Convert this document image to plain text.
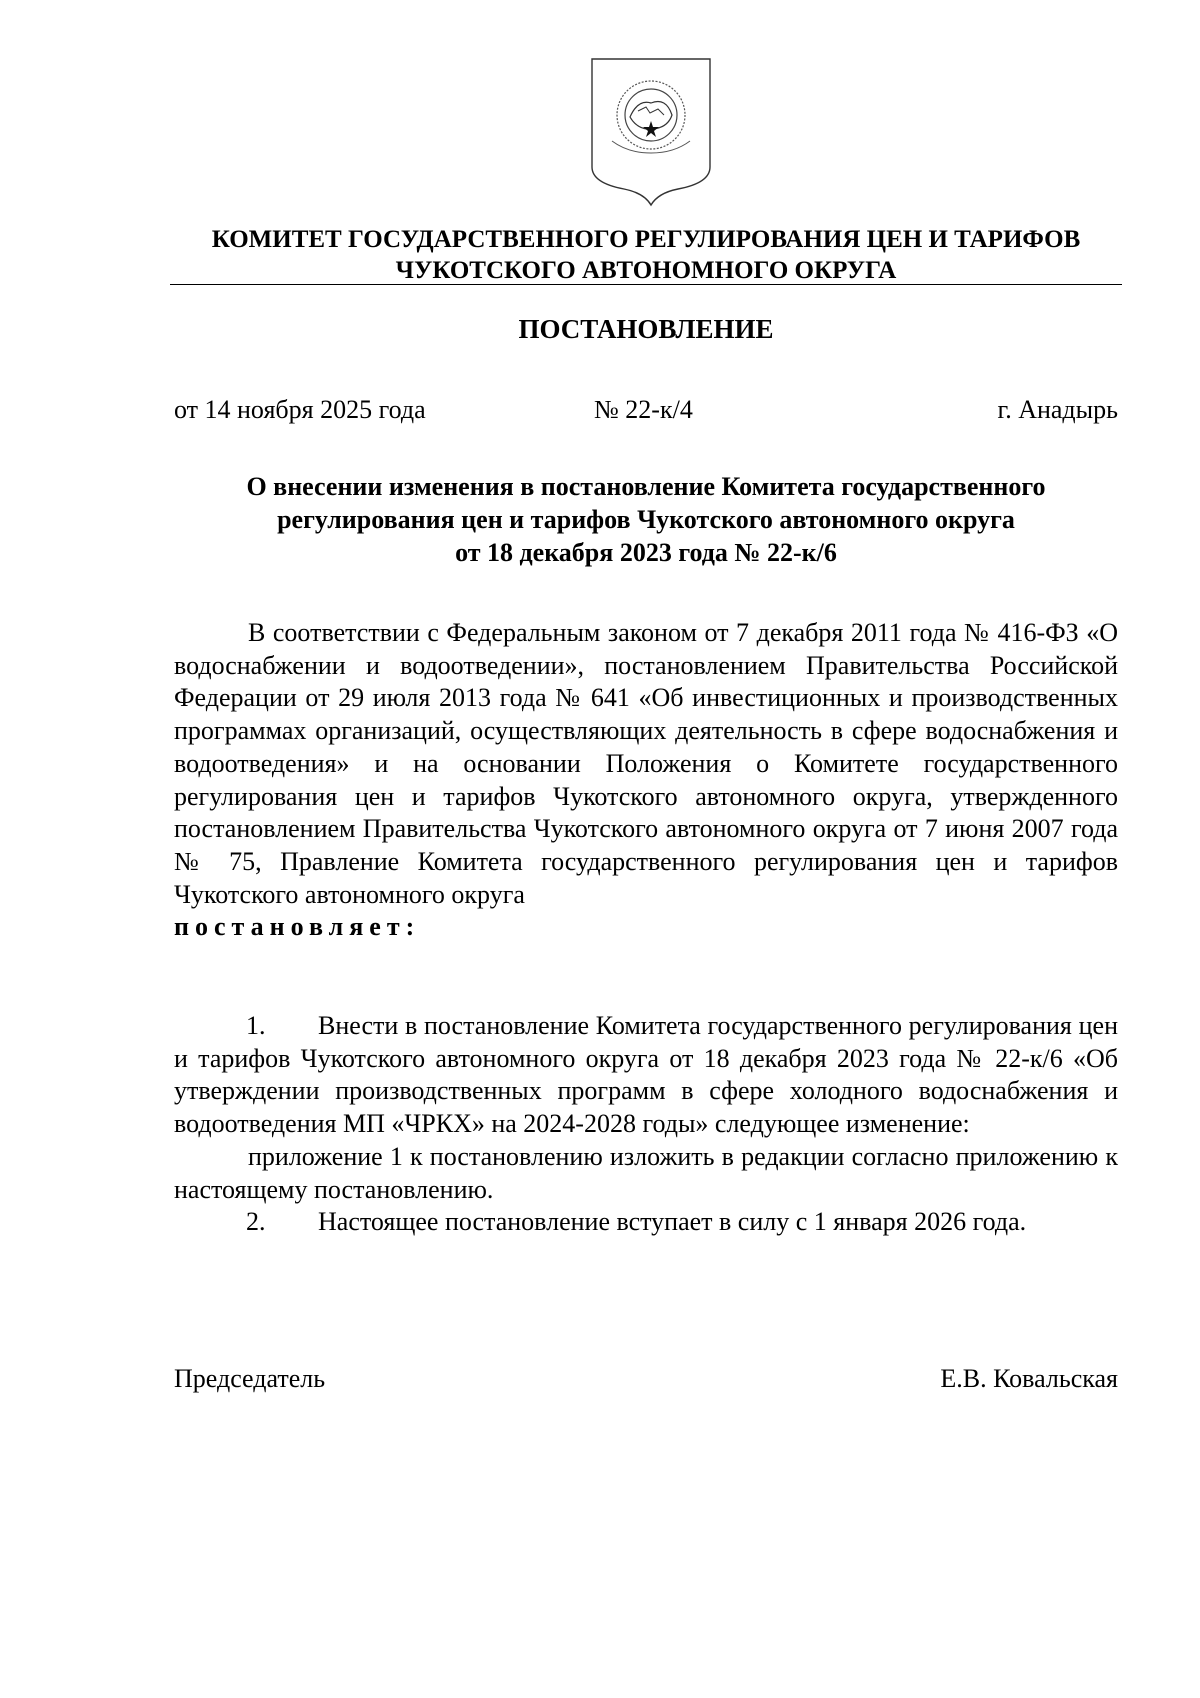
КОМИТЕТ ГОСУДАРСТВЕННОГО РЕГУЛИРОВАНИЯ ЦЕН И ТАРИФОВ
ЧУКОТСКОГО АВТОНОМНОГО ОКРУГА
ПОСТАНОВЛЕНИЕ
от 14 ноября 2025 года	№ 22-к/4	г. Анадырь
О внесении изменения в постановление Комитета государственного
регулирования цен и тарифов Чукотского автономного округа
от 18 декабря 2023 года № 22-к/6

В соответствии с Федеральным законом от 7 декабря 2011 года № 416-ФЗ «О водоснабжении и водоотведении», постановлением Правительства Российской Федерации от 29 июля 2013 года № 641 «Об инвестиционных и производственных программах организаций, осуществляющих деятельность в сфере водоснабжения и водоотведения» и на основании Положения о Комитете государственного регулирования цен и тарифов Чукотского автономного округа, утвержденного постановлением Правительства Чукотского автономного округа от 7 июня 2007 года № 75, Правление Комитета государственного регулирования цен и тарифов Чукотского автономного округа

постановляет:

1. Внести в постановление Комитета государственного регулирования цен и тарифов Чукотского автономного округа от 18 декабря 2023 года № 22-к/6 «Об утверждении производственных программ в сфере холодного водоснабжения и водоотведения МП «ЧРКХ» на 2024-2028 годы» следующее изменение:

приложение 1 к постановлению изложить в редакции согласно приложению к настоящему постановлению.

2. Настоящее постановление вступает в силу с 1 января 2026 года.

Председатель	Е.В. Ковальская
